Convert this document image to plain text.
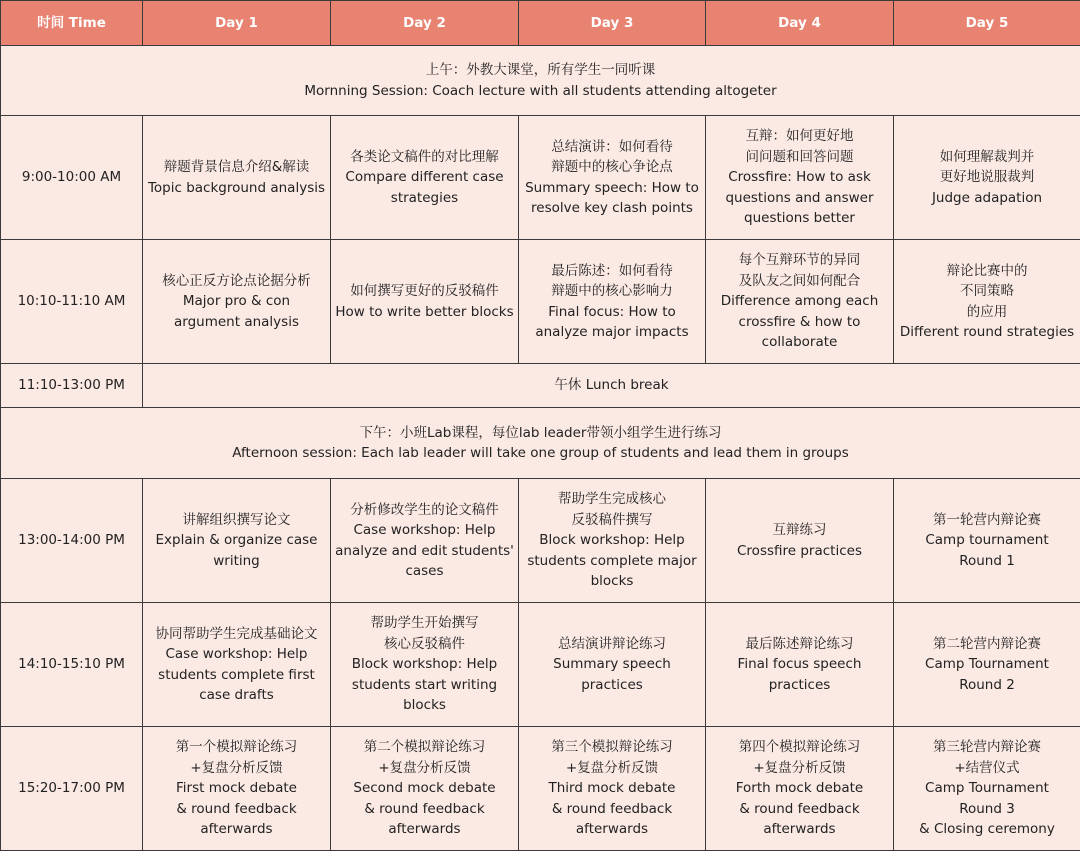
时间 Time	Day 1	Day 2	Day 3	Day 4	Day 5

上午：外教大课堂，所有学生一同听课
Mornning Session: Coach lecture with all students attending altogeter					

9:00-10:00 AM	辩题背景信息介绍&解读
Topic background analysis	各类论文稿件的对比理解
Compare different case
strategies	总结演讲：如何看待
辩题中的核心争论点
Summary speech: How to
resolve key clash points	互辩：如何更好地
问问题和回答问题
Crossfire: How to ask
questions and answer
questions better	如何理解裁判并
更好地说服裁判
Judge adapation

10:10-11:10 AM	核心正反方论点论据分析
Major pro & con
argument analysis	如何撰写更好的反驳稿件
How to write better blocks	最后陈述：如何看待
辩题中的核心影响力
Final focus: How to
analyze major impacts	每个互辩环节的异同
及队友之间如何配合
Difference among each
crossfire & how to
collaborate	辩论比赛中的
不同策略
的应用
Different round strategies

11:10-13:00 PM	午休 Lunch break				

下午：小班Lab课程，每位lab leader带领小组学生进行练习
Afternoon session: Each lab leader will take one group of students and lead them in groups					

13:00-14:00 PM	讲解组织撰写论文
Explain & organize case
writing	分析修改学生的论文稿件
Case workshop: Help
analyze and edit students'
cases	帮助学生完成核心
反驳稿件撰写
Block workshop: Help
students complete major
blocks	互辩练习
Crossfire practices	第一轮营内辩论赛
Camp tournament
Round 1

14:10-15:10 PM	协同帮助学生完成基础论文
Case workshop: Help
students complete first
case drafts	帮助学生开始撰写
核心反驳稿件
Block workshop: Help
students start writing
blocks	总结演讲辩论练习
Summary speech practices	最后陈述辩论练习
Final focus speech
practices	第二轮营内辩论赛
Camp Tournament
Round 2

15:20-17:00 PM	第一个模拟辩论练习
+复盘分析反馈
First mock debate
& round feedback
afterwards	第二个模拟辩论练习
+复盘分析反馈
Second mock debate
& round feedback
afterwards	第三个模拟辩论练习
+复盘分析反馈
Third mock debate
& round feedback
afterwards	第四个模拟辩论练习
+复盘分析反馈
Forth mock debate
& round feedback
afterwards	第三轮营内辩论赛
+结营仪式
Camp Tournament
Round 3
& Closing ceremony
